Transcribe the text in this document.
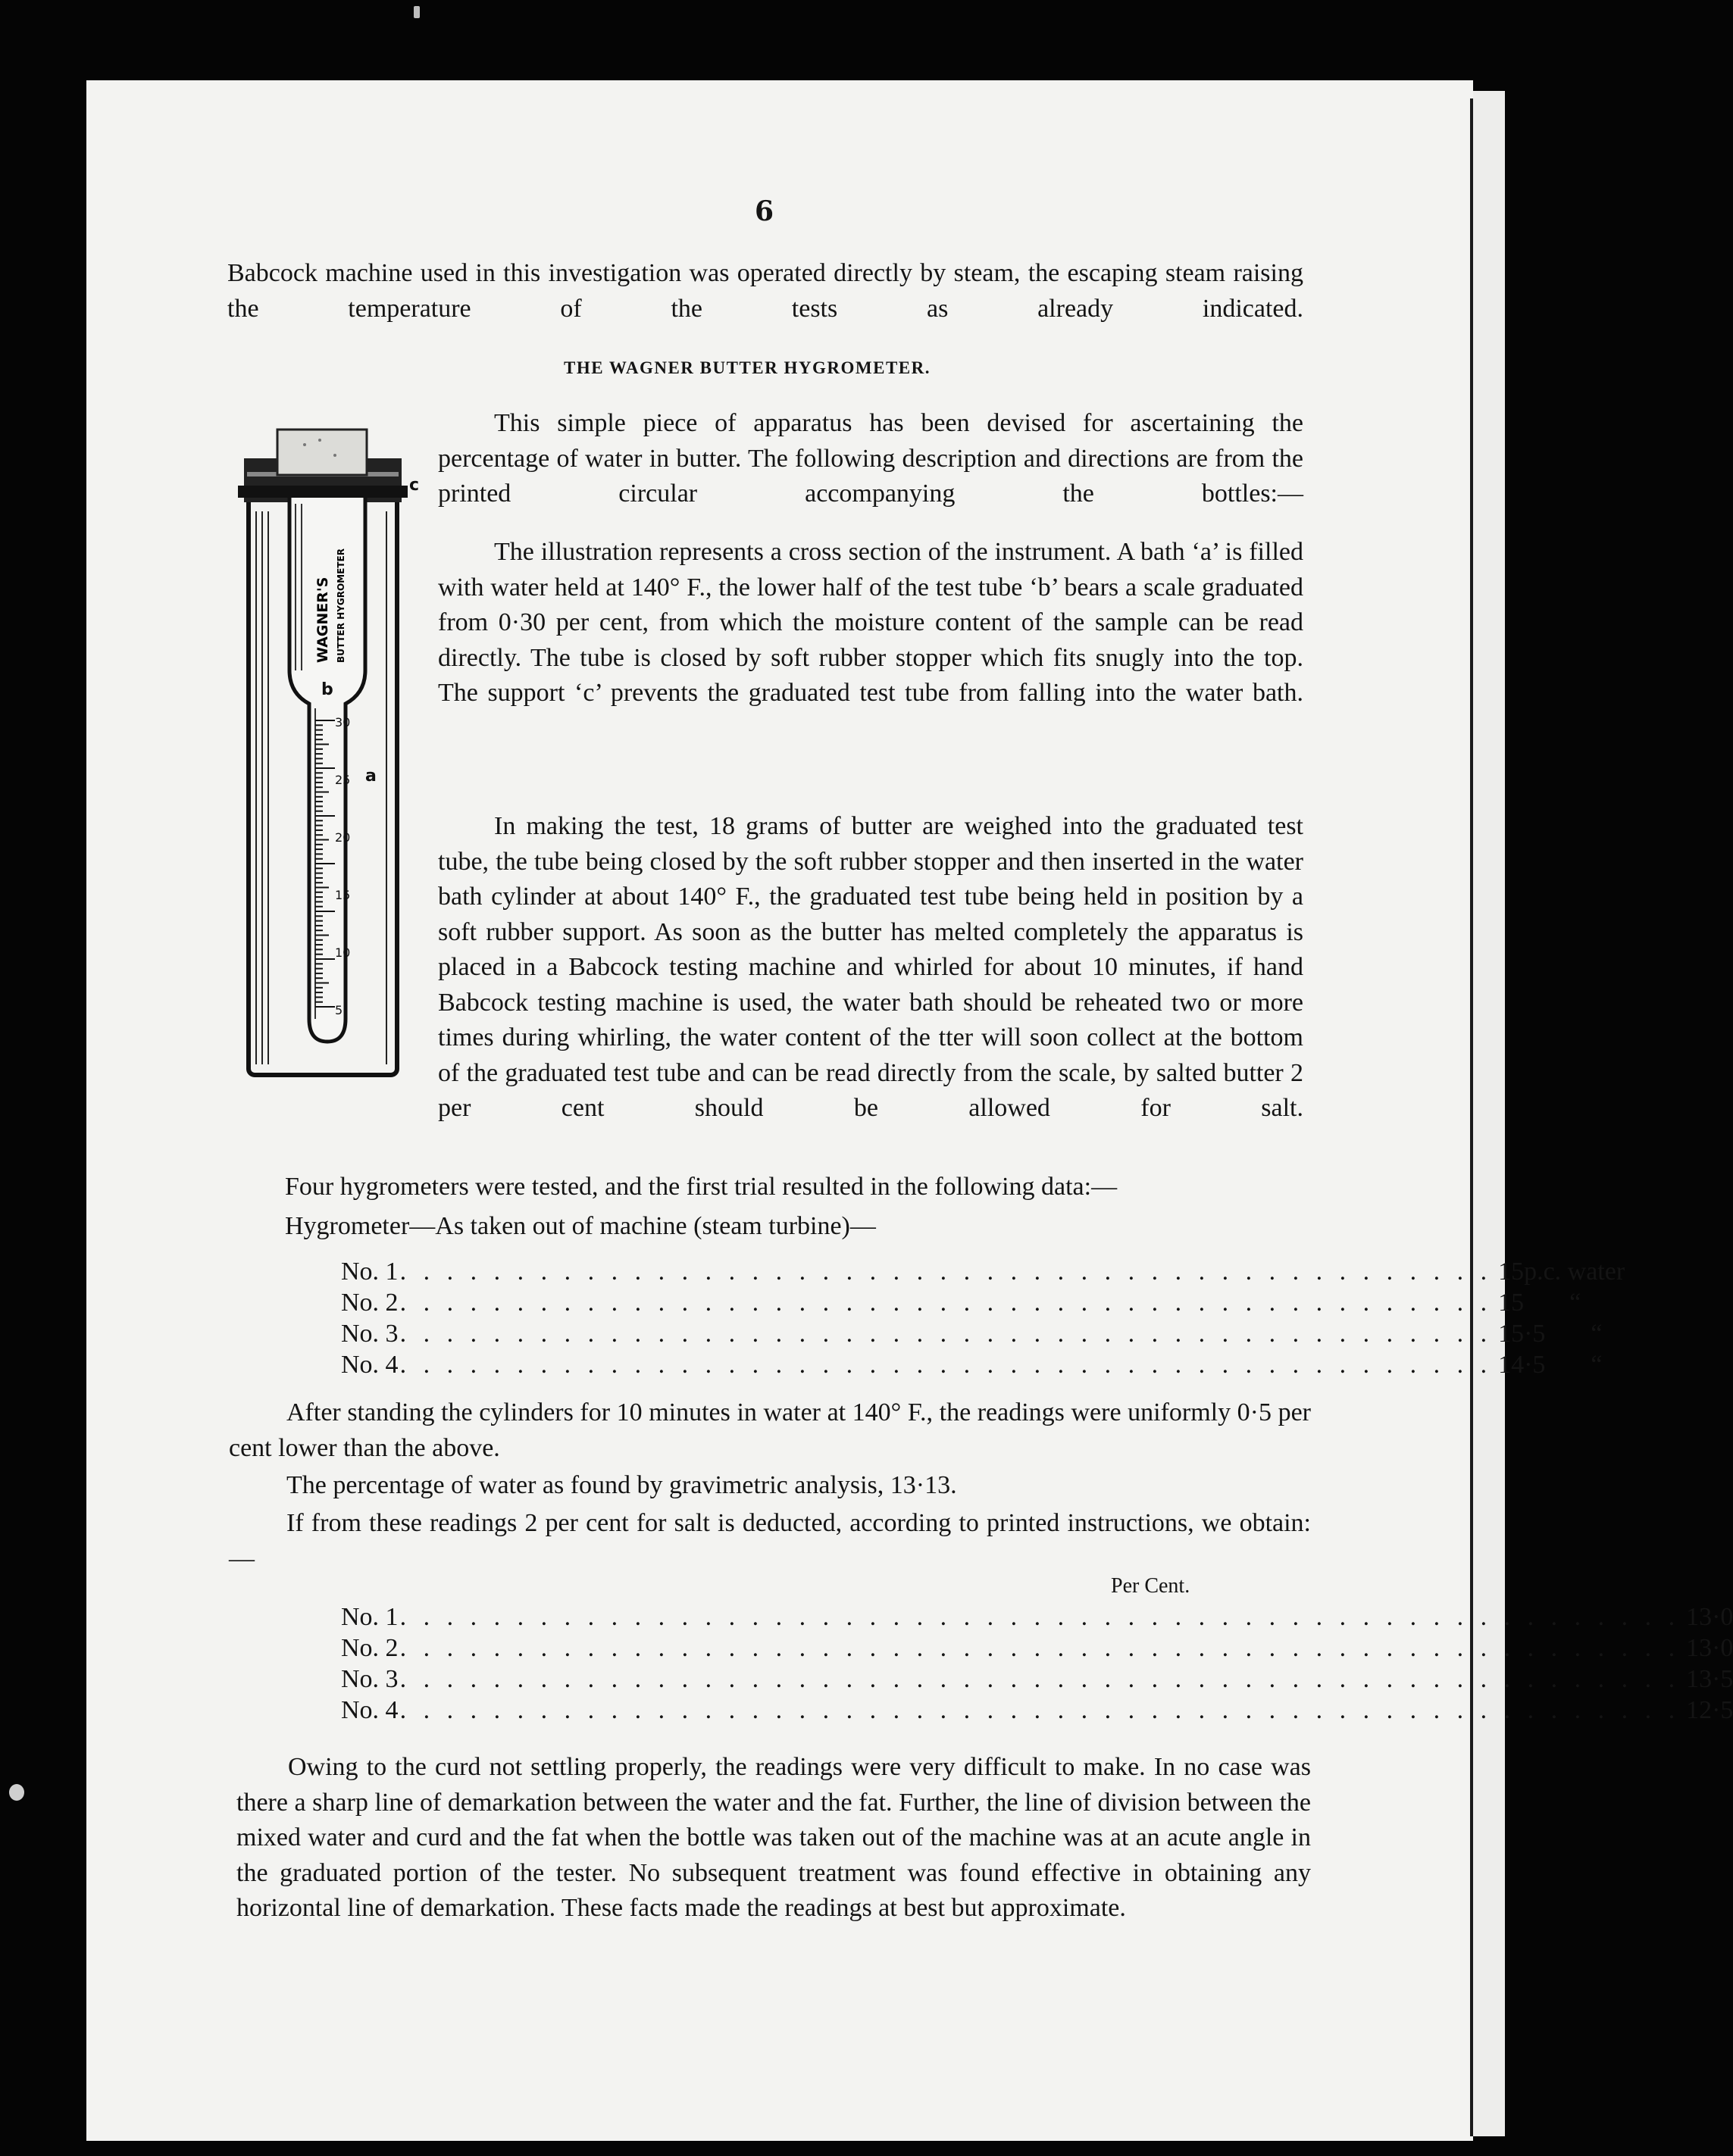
6

Babcock machine used in this investigation was operated directly by steam, the escaping steam raising the temperature of the tests as already indicated.

THE WAGNER BUTTER HYGROMETER.
WAGNER'S BUTTER HYGROMETER
30
25
20
15
10
5
c
b
a

This simple piece of apparatus has been devised for ascertaining the percentage of water in butter. The following description and directions are from the printed circular accompanying the bottles:—

The illustration represents a cross section of the instrument. A bath ‘a’ is filled with water held at 140° F., the lower half of the test tube ‘b’ bears a scale graduated from 0·30 per cent, from which the moisture content of the sample can be read directly. The tube is closed by soft rubber stopper which fits snugly into the top. The support ‘c’ prevents the graduated test tube from falling into the water bath.

In making the test, 18 grams of butter are weighed into the graduated test tube, the tube being closed by the soft rubber stopper and then inserted in the water bath cylinder at about 140° F., the graduated test tube being held in position by a soft rubber support. As soon as the butter has melted completely the apparatus is placed in a Babcock testing machine and whirled for about 10 minutes, if hand Babcock testing machine is used, the water bath should be reheated two or more times during whirling, the water content of the tter will soon collect at the bottom of the graduated test tube and can be read directly from the scale, by salted butter 2 per cent should be allowed for salt.

Four hygrometers were tested, and the first trial resulted in the following data:—

Hygrometer—As taken out of machine (steam turbine)—

No. 1 . . . . . . . . . . . . . . . . . . . . . . . . . . . . . . . . . . . . . . . . . . . . . . . 15 p.c. water
No. 2 . . . . . . . . . . . . . . . . . . . . . . . . . . . . . . . . . . . . . . . . . . . . . . . 15	“
No. 3 . . . . . . . . . . . . . . . . . . . . . . . . . . . . . . . . . . . . . . . . . . . . . . . 15·5	“
No. 4 . . . . . . . . . . . . . . . . . . . . . . . . . . . . . . . . . . . . . . . . . . . . . . . 14·5	“

After standing the cylinders for 10 minutes in water at 140° F., the readings were uniformly 0·5 per cent lower than the above.

The percentage of water as found by gravimetric analysis, 13·13.

If from these readings 2 per cent for salt is deducted, according to printed instructions, we obtain:—

Per Cent.
No. 1 . . . . . . . . . . . . . . . . . . . . . . . . . . . . . . . . . . . . . . . . . . . . . . . . . . . . . . . 13·0
No. 2 . . . . . . . . . . . . . . . . . . . . . . . . . . . . . . . . . . . . . . . . . . . . . . . . . . . . . . . 13·0
No. 3 . . . . . . . . . . . . . . . . . . . . . . . . . . . . . . . . . . . . . . . . . . . . . . . . . . . . . . . 13·5
No. 4 . . . . . . . . . . . . . . . . . . . . . . . . . . . . . . . . . . . . . . . . . . . . . . . . . . . . . . . 12·5

Owing to the curd not settling properly, the readings were very difficult to make. In no case was there a sharp line of demarkation between the water and the fat. Further, the line of division between the mixed water and curd and the fat when the bottle was taken out of the machine was at an acute angle in the graduated portion of the tester. No subsequent treatment was found effective in obtaining any horizontal line of demarkation. These facts made the readings at best but approximate.
